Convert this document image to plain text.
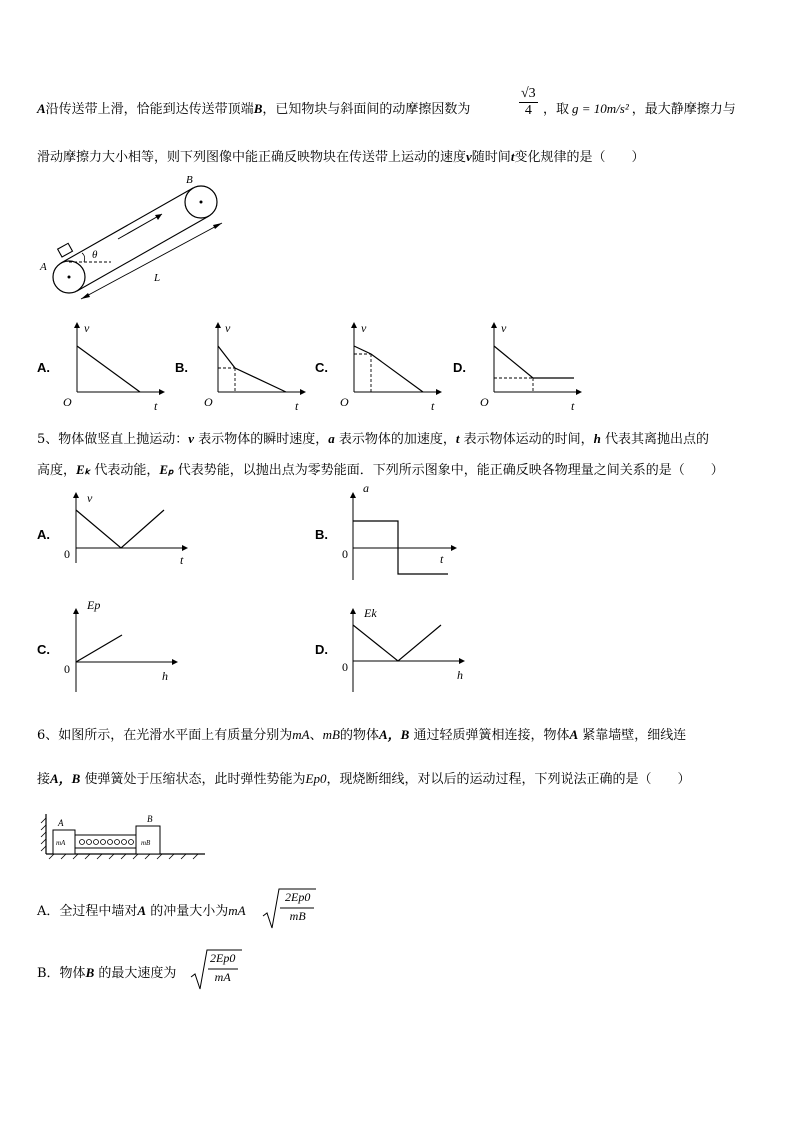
A沿传送带上滑，恰能到达传送带顶端B，已知物块与斜面间的动摩擦因数为	$\frac{√3}{4}$ ，取 g = 10m/s² ，最大静摩擦力与
滑动摩擦力大小相等，则下列图像中能正确反映物块在传送带上运动的速度v随时间t变化规律的是（　　）
B
A
θ
L
A.
v
t
O
B.
v
t
O
C.
v
t
O
D.
v
t
O
5、物体做竖直上抛运动：v 表示物体的瞬时速度，a 表示物体的加速度，t 表示物体运动的时间，h 代表其离抛出点的
高度，Eₖ 代表动能，Eₚ 代表势能，以抛出点为零势能面．下列所示图象中，能正确反映各物理量之间关系的是（　　）
A.
v
t
0
B.
a
t
0
C.
Ep
h
0
D.
Ek
h
0
6、如图所示，在光滑水平面上有质量分别为mA、mB的物体A，B 通过轻质弹簧相连接，物体A 紧靠墙壁，细线连
接A，B 使弹簧处于压缩状态，此时弹性势能为Ep0，现烧断细线，对以后的运动过程，下列说法正确的是（　　）
A	B
mA	mB
A．全过程中墙对A 的冲量大小为mA
2Ep0
mB
B．物体B 的最大速度为
2Ep0
mA
